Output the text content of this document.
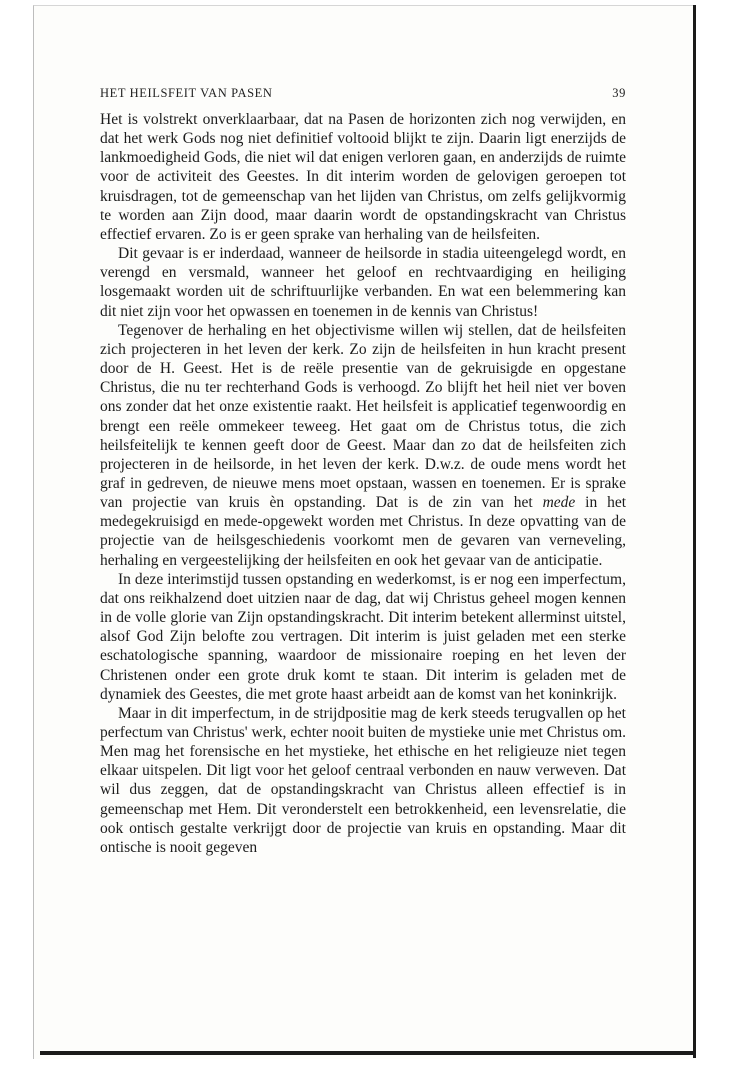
HET HEILSFEIT VAN PASEN	39

Het is volstrekt onverklaarbaar, dat na Pasen de horizonten zich nog verwijden, en dat het werk Gods nog niet definitief voltooid blijkt te zijn. Daarin ligt enerzijds de lankmoedigheid Gods, die niet wil dat enigen verloren gaan, en anderzijds de ruimte voor de activiteit des Geestes. In dit interim worden de gelovigen geroepen tot kruisdragen, tot de gemeenschap van het lijden van Christus, om zelfs gelijkvormig te worden aan Zijn dood, maar daarin wordt de opstandingskracht van Christus effectief ervaren. Zo is er geen sprake van herhaling van de heilsfeiten.

Dit gevaar is er inderdaad, wanneer de heilsorde in stadia uiteengelegd wordt, en verengd en versmald, wanneer het geloof en rechtvaardiging en heiliging losgemaakt worden uit de schriftuurlijke verbanden. En wat een belemmering kan dit niet zijn voor het opwassen en toenemen in de kennis van Christus!

Tegenover de herhaling en het objectivisme willen wij stellen, dat de heilsfeiten zich projecteren in het leven der kerk. Zo zijn de heilsfeiten in hun kracht present door de H. Geest. Het is de reële presentie van de gekruisigde en opgestane Christus, die nu ter rechterhand Gods is verhoogd. Zo blijft het heil niet ver boven ons zonder dat het onze existentie raakt. Het heilsfeit is applicatief tegenwoordig en brengt een reële ommekeer teweeg. Het gaat om de Christus totus, die zich heilsfeitelijk te kennen geeft door de Geest. Maar dan zo dat de heilsfeiten zich projecteren in de heilsorde, in het leven der kerk. D.w.z. de oude mens wordt het graf in gedreven, de nieuwe mens moet opstaan, wassen en toenemen. Er is sprake van projectie van kruis èn opstanding. Dat is de zin van het mede in het medegekruisigd en mede-opgewekt worden met Christus. In deze opvatting van de projectie van de heilsgeschiedenis voorkomt men de gevaren van verneveling, herhaling en vergeestelijking der heilsfeiten en ook het gevaar van de anticipatie.

In deze interimstijd tussen opstanding en wederkomst, is er nog een imperfectum, dat ons reikhalzend doet uitzien naar de dag, dat wij Christus geheel mogen kennen in de volle glorie van Zijn opstandingskracht. Dit interim betekent allerminst uitstel, alsof God Zijn belofte zou vertragen. Dit interim is juist geladen met een sterke eschatologische spanning, waardoor de missionaire roeping en het leven der Christenen onder een grote druk komt te staan. Dit interim is geladen met de dynamiek des Geestes, die met grote haast arbeidt aan de komst van het koninkrijk.

Maar in dit imperfectum, in de strijdpositie mag de kerk steeds terugvallen op het perfectum van Christus' werk, echter nooit buiten de mystieke unie met Christus om. Men mag het forensische en het mystieke, het ethische en het religieuze niet tegen elkaar uitspelen. Dit ligt voor het geloof centraal verbonden en nauw verweven. Dat wil dus zeggen, dat de opstandingskracht van Christus alleen effectief is in gemeenschap met Hem. Dit veronderstelt een betrokkenheid, een levensrelatie, die ook ontisch gestalte verkrijgt door de projectie van kruis en opstanding. Maar dit ontische is nooit gegeven
